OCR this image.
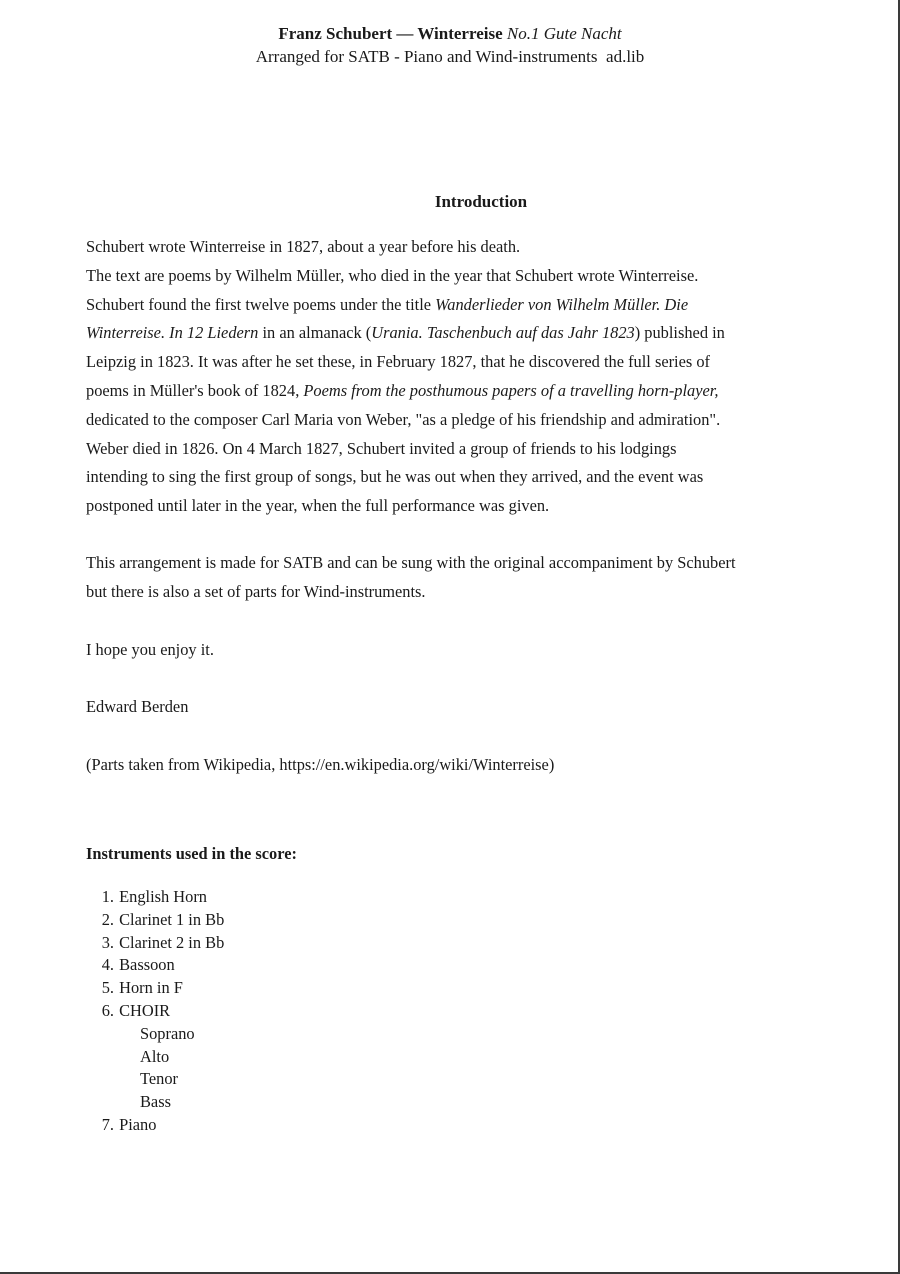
Franz Schubert — Winterreise No.1 Gute Nacht
Arranged for SATB - Piano and Wind-instruments  ad.lib
Introduction
Schubert wrote Winterreise in 1827, about a year before his death.
The text are poems by Wilhelm Müller, who died in the year that Schubert wrote Winterreise.
Schubert found the first twelve poems under the title Wanderlieder von Wilhelm Müller. Die
Winterreise. In 12 Liedern in an almanack (Urania. Taschenbuch auf das Jahr 1823) published in
Leipzig in 1823. It was after he set these, in February 1827, that he discovered the full series of
poems in Müller's book of 1824, Poems from the posthumous papers of a travelling horn-player,
dedicated to the composer Carl Maria von Weber, "as a pledge of his friendship and admiration".
Weber died in 1826. On 4 March 1827, Schubert invited a group of friends to his lodgings
intending to sing the first group of songs, but he was out when they arrived, and the event was
postponed until later in the year, when the full performance was given.
This arrangement is made for SATB and can be sung with the original accompaniment by Schubert
but there is also a set of parts for Wind-instruments.
I hope you enjoy it.
Edward Berden
(Parts taken from Wikipedia, https://en.wikipedia.org/wiki/Winterreise)
Instruments used in the score:
1. English Horn
2. Clarinet 1 in Bb
3. Clarinet 2 in Bb
4. Bassoon
5. Horn in F
6. CHOIR
Soprano
Alto
Tenor
Bass
7. Piano
